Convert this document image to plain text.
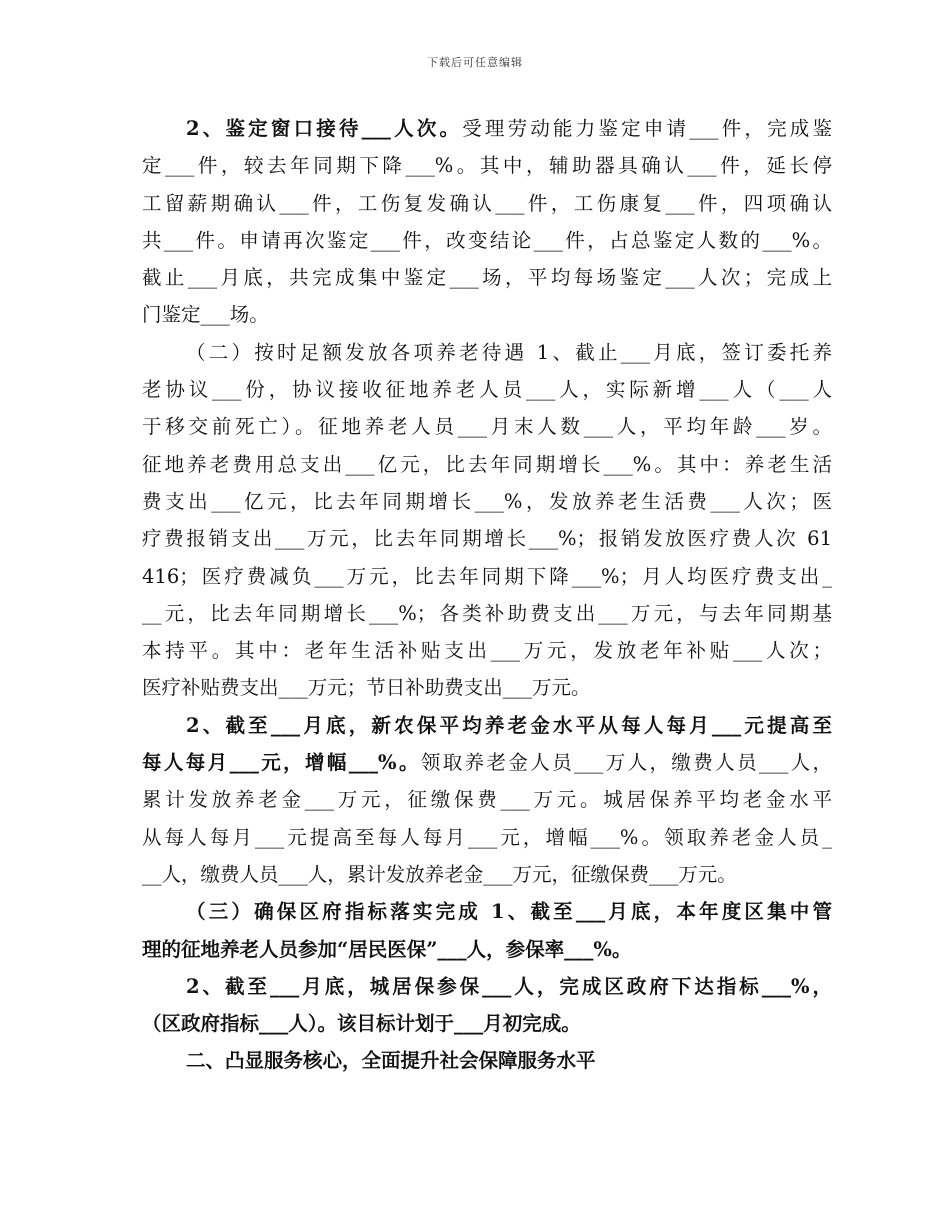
下载后可任意编辑
2、鉴定窗口接待___人次。受理劳动能力鉴定申请___件，完成鉴
定___件，较去年同期下降___%。其中，辅助器具确认___件，延长停
工留薪期确认___件，工伤复发确认___件，工伤康复___件，四项确认
共___件。申请再次鉴定___件，改变结论___件，占总鉴定人数的___%。
截止___月底，共完成集中鉴定___场，平均每场鉴定___人次；完成上
门鉴定___场。
（二）按时足额发放各项养老待遇 1、截止___月底，签订委托养
老协议___份，协议接收征地养老人员___人，实际新增___人（___人
于移交前死亡）。征地养老人员___月末人数___人，平均年龄___岁。
征地养老费用总支出___亿元，比去年同期增长___%。其中：养老生活
费支出___亿元，比去年同期增长___%，发放养老生活费___人次；医
疗费报销支出___万元，比去年同期增长___%；报销发放医疗费人次 61
416；医疗费减负___万元，比去年同期下降___%；月人均医疗费支出_
__元，比去年同期增长___%；各类补助费支出___万元，与去年同期基
本持平。其中：老年生活补贴支出___万元，发放老年补贴___人次；
医疗补贴费支出___万元；节日补助费支出___万元。
2、截至___月底，新农保平均养老金水平从每人每月___元提高至
每人每月___元，增幅___%。领取养老金人员___万人，缴费人员___人，
累计发放养老金___万元，征缴保费___万元。城居保养平均老金水平
从每人每月___元提高至每人每月___元，增幅___%。领取养老金人员_
__人，缴费人员___人，累计发放养老金___万元，征缴保费___万元。
（三）确保区府指标落实完成 1、截至___月底，本年度区集中管
理的征地养老人员参加“居民医保”___人，参保率___%。
2、截至___月底，城居保参保___人，完成区政府下达指标___%，
（区政府指标___人）。该目标计划于___月初完成。
二、凸显服务核心，全面提升社会保障服务水平
